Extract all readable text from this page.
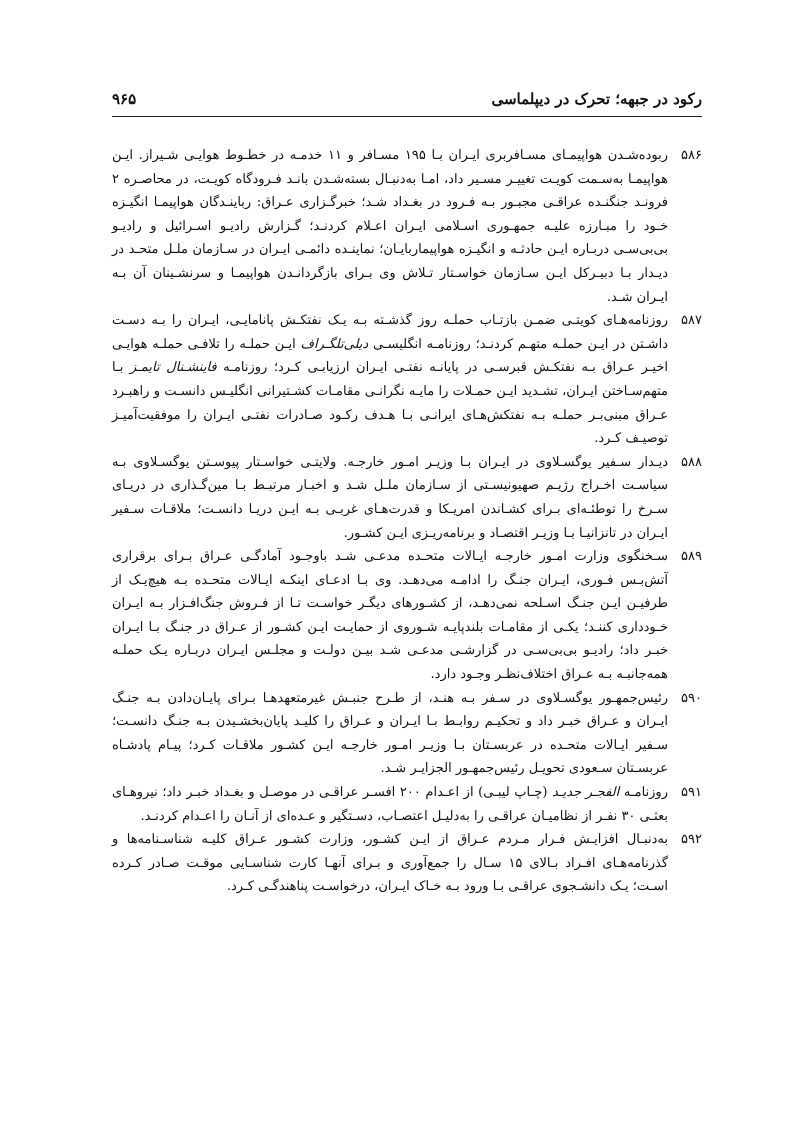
رکود در جبهه؛ تحرک در دیپلماسی
۹۶۵

۵۸۶
ربوده‌شـدن هواپیمـای مسـافربری ایـران بـا ۱۹۵ مسـافر و ۱۱ خدمـه در خطـوط هوایـی شـیراز. ایـن هواپیمـا به‌سـمت کویـت تغییـر مسـیر داد، امـا به‌دنبـال بسته‌شـدن بانـد فـرودگاه کویـت، در محاصـره ۲ فرونـد جنگنـده عراقـی مجبـور بـه فـرود در بغـداد شـد؛ خبرگـزاری عـراق: رباینـدگان هواپیمـا انگیـزه خـود را مبـارزه علیـه جمهـوری اسـلامی ایـران اعـلام کردنـد؛ گـزارش رادیـو اسـرائیل و رادیـو بی‌بی‌سـی دربـاره ایـن حادثـه و انگیـزه هواپیماربایـان؛ نماینـده دائمـی ایـران در سـازمان ملـل متحـد در دیـدار بـا دبیـرکل ایـن سـازمان خواسـتار تـلاش وی بـرای بازگردانـدن هواپیمـا و سرنشـینان آن بـه ایـران شـد.

۵۸۷
روزنامه‌هـای کویتـی ضمـن بازتـاب حملـه روز گذشـته بـه یـک نفتکـش پانامایـی، ایـران را بـه دسـت داشـتن در ایـن حملـه متهـم کردنـد؛ روزنامـه انگلیسـی دیلی‌تلگـراف ایـن حملـه را تلافـی حملـه هوایـی اخیـر عـراق بـه نفتکـش قبرسـی در پایانـه نفتـی ایـران ارزیابـی کـرد؛ روزنامـه فاینشـنال تایمـز بـا متهم‌سـاختن ایـران، تشـدید ایـن حمـلات را مایـه نگرانـی مقامـات کشـتیرانی انگلیـس دانسـت و راهبـرد عـراق مبنی‌بـر حملـه بـه نفتکش‌هـای ایرانـی بـا هـدف رکـود صـادرات نفتـی ایـران را موفقیت‌آمیـز توصیـف کـرد.

۵۸۸
دیـدار سـفیر یوگسـلاوی در ایـران بـا وزیـر امـور خارجـه. ولایتـی خواسـتار پیوسـتن یوگسـلاوی بـه سیاسـت اخـراج رژیـم صهیونیسـتی از سـازمان ملـل شـد و اخبـار مرتبـط بـا مین‌گـذاری در دریـای سـرخ را توطئـه‌ای بـرای کشـاندن امریـکا و قدرت‌هـای غربـی بـه ایـن دریـا دانسـت؛ ملاقـات سـفیر ایـران در تانزانیـا بـا وزیـر اقتصـاد و برنامه‌ریـزی ایـن کشـور.

۵۸۹
سـخنگوی وزارت امـور خارجـه ایـالات متحـده مدعـی شـد باوجـود آمادگـی عـراق بـرای برقراری آتش‌بـس فـوری، ایـران جنـگ را ادامـه می‌دهـد. وی بـا ادعـای اینکـه ایـالات متحـده بـه هیچ‌یـک از طرفیـن ایـن جنـگ اسـلحه نمی‌دهـد، از کشـورهای دیگـر خواسـت تـا از فـروش جنگ‌افـزار بـه ایـران خـودداری کننـد؛ یکـی از مقامـات بلندپایـه شـوروی از حمایـت ایـن کشـور از عـراق در جنـگ بـا ایـران خبـر داد؛ رادیـو بی‌بی‌سـی در گزارشـی مدعـی شـد بیـن دولـت و مجلـس ایـران دربـاره یـک حملـه همه‌جانبـه بـه عـراق اختلاف‌نظـر وجـود دارد.

۵۹۰
رئیس‌جمهـور یوگسـلاوی در سـفر بـه هنـد، از طـرح جنبـش غیرمتعهدهـا بـرای پایـان‌دادن بـه جنـگ ایـران و عـراق خبـر داد و تحکیـم روابـط بـا ایـران و عـراق را کلیـد پایان‌بخشـیدن بـه جنـگ دانسـت؛ سـفیر ایـالات متحـده در عربسـتان بـا وزیـر امـور خارجـه ایـن کشـور ملاقـات کـرد؛ پیـام پادشـاه عربسـتان سـعودی تحویـل رئیس‌جمهـور الجزایـر شـد.

۵۹۱
روزنامـه الفجـر جدیـد (چـاپ لیبـی) از اعـدام ۲۰۰ افسـر عراقـی در موصـل و بغـداد خبـر داد؛ نیروهـای بعثـی ۳۰ نفـر از نظامیـان عراقـی را به‌دلیـل اعتصـاب، دسـتگیر و عـده‌ای از آنـان را اعـدام کردنـد.

۵۹۲
به‌دنبـال افزایـش فـرار مـردم عـراق از ایـن کشـور، وزارت کشـور عـراق کلیـه شناسـنامه‌ها و گذرنامه‌هـای افـراد بـالای ۱۵ سـال را جمع‌آوری و بـرای آنهـا کارت شناسـایی موقـت صـادر کـرده اسـت؛ یـک دانشـجوی عراقـی بـا ورود بـه خـاک ایـران، درخواسـت پناهندگـی کـرد.
